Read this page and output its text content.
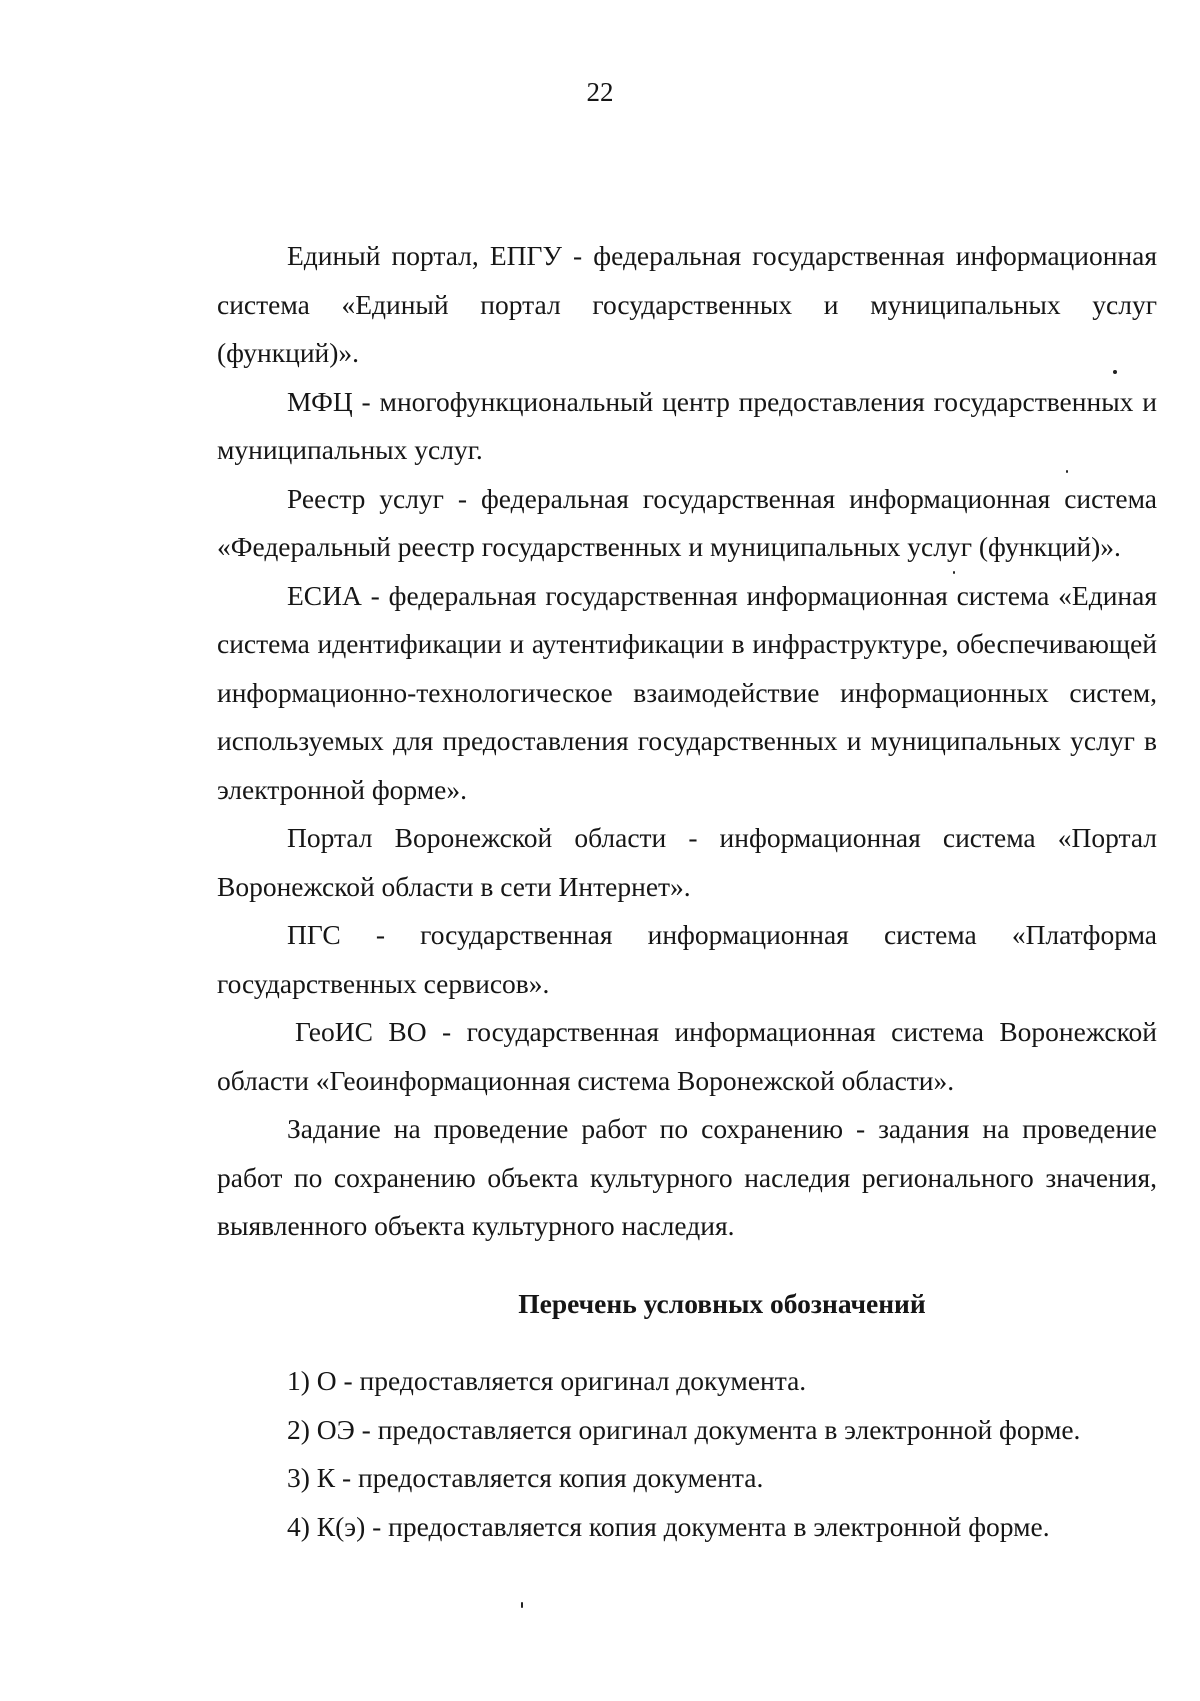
22

Единый портал, ЕПГУ - федеральная государственная информационная система «Единый портал государственных и муниципальных услуг (функций)».

МФЦ - многофункциональный центр предоставления государственных и муниципальных услуг.

Реестр услуг - федеральная государственная информационная система «Федеральный реестр государственных и муниципальных услуг (функций)».

ЕСИА - федеральная государственная информационная система «Единая система идентификации и аутентификации в инфраструктуре, обеспечивающей информационно-технологическое взаимодействие информационных систем, используемых для предоставления государственных и муниципальных услуг в электронной форме».

Портал Воронежской области - информационная система «Портал Воронежской области в сети Интернет».

ПГС - государственная информационная система «Платформа государственных сервисов».

ГеоИС ВО - государственная информационная система Воронежской области «Геоинформационная система Воронежской области».

Задание на проведение работ по сохранению - задания на проведение работ по сохранению объекта культурного наследия регионального значения, выявленного объекта культурного наследия.

Перечень условных обозначений
1) О - предоставляется оригинал документа.
2) ОЭ - предоставляется оригинал документа в электронной форме.
3) К - предоставляется копия документа.
4) К(э) - предоставляется копия документа в электронной форме.
